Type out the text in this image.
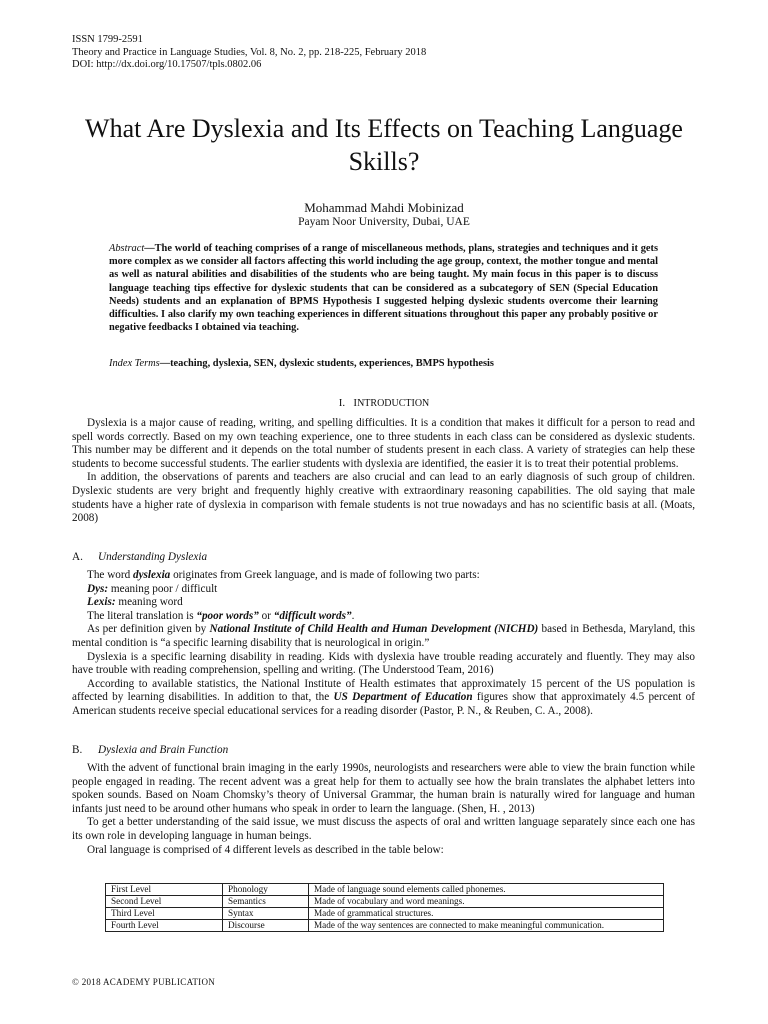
ISSN 1799-2591
Theory and Practice in Language Studies, Vol. 8, No. 2, pp. 218-225, February 2018
DOI: http://dx.doi.org/10.17507/tpls.0802.06
What Are Dyslexia and Its Effects on Teaching Language Skills?
Mohammad Mahdi Mobinizad
Payam Noor University, Dubai, UAE
Abstract—The world of teaching comprises of a range of miscellaneous methods, plans, strategies and techniques and it gets more complex as we consider all factors affecting this world including the age group, context, the mother tongue and mental as well as natural abilities and disabilities of the students who are being taught. My main focus in this paper is to discuss language teaching tips effective for dyslexic students that can be considered as a subcategory of SEN (Special Education Needs) students and an explanation of BPMS Hypothesis I suggested helping dyslexic students overcome their learning difficulties. I also clarify my own teaching experiences in different situations throughout this paper any probably positive or negative feedbacks I obtained via teaching.
Index Terms—teaching, dyslexia, SEN, dyslexic students, experiences, BMPS hypothesis
I. INTRODUCTION

Dyslexia is a major cause of reading, writing, and spelling difficulties. It is a condition that makes it difficult for a person to read and spell words correctly. Based on my own teaching experience, one to three students in each class can be considered as dyslexic students. This number may be different and it depends on the total number of students present in each class. A variety of strategies can help these students to become successful students. The earlier students with dyslexia are identified, the easier it is to treat their potential problems.

In addition, the observations of parents and teachers are also crucial and can lead to an early diagnosis of such group of children. Dyslexic students are very bright and frequently highly creative with extraordinary reasoning capabilities. The old saying that male students have a higher rate of dyslexia in comparison with female students is not true nowadays and has no scientific basis at all. (Moats, 2008)

A. Understanding Dyslexia
The word dyslexia originates from Greek language, and is made of following two parts:
Dys: meaning poor / difficult
Lexis: meaning word
The literal translation is “poor words” or “difficult words”.

As per definition given by National Institute of Child Health and Human Development (NICHD) based in Bethesda, Maryland, this mental condition is “a specific learning disability that is neurological in origin.”

Dyslexia is a specific learning disability in reading. Kids with dyslexia have trouble reading accurately and fluently. They may also have trouble with reading comprehension, spelling and writing. (The Understood Team, 2016)

According to available statistics, the National Institute of Health estimates that approximately 15 percent of the US population is affected by learning disabilities. In addition to that, the US Department of Education figures show that approximately 4.5 percent of American students receive special educational services for a reading disorder (Pastor, P. N., & Reuben, C. A., 2008).

B. Dyslexia and Brain Function

With the advent of functional brain imaging in the early 1990s, neurologists and researchers were able to view the brain function while people engaged in reading. The recent advent was a great help for them to actually see how the brain translates the alphabet letters into spoken sounds. Based on Noam Chomsky’s theory of Universal Grammar, the human brain is naturally wired for language and human infants just need to be around other humans who speak in order to learn the language. (Shen, H. , 2013)

To get a better understanding of the said issue, we must discuss the aspects of oral and written language separately since each one has its own role in developing language in human beings.

Oral language is comprised of 4 different levels as described in the table below:

First Level	Phonology	Made of language sound elements called phonemes.
Second Level	Semantics	Made of vocabulary and word meanings.
Third Level	Syntax	Made of grammatical structures.
Fourth Level	Discourse	Made of the way sentences are connected to make meaningful communication.
© 2018 ACADEMY PUBLICATION
